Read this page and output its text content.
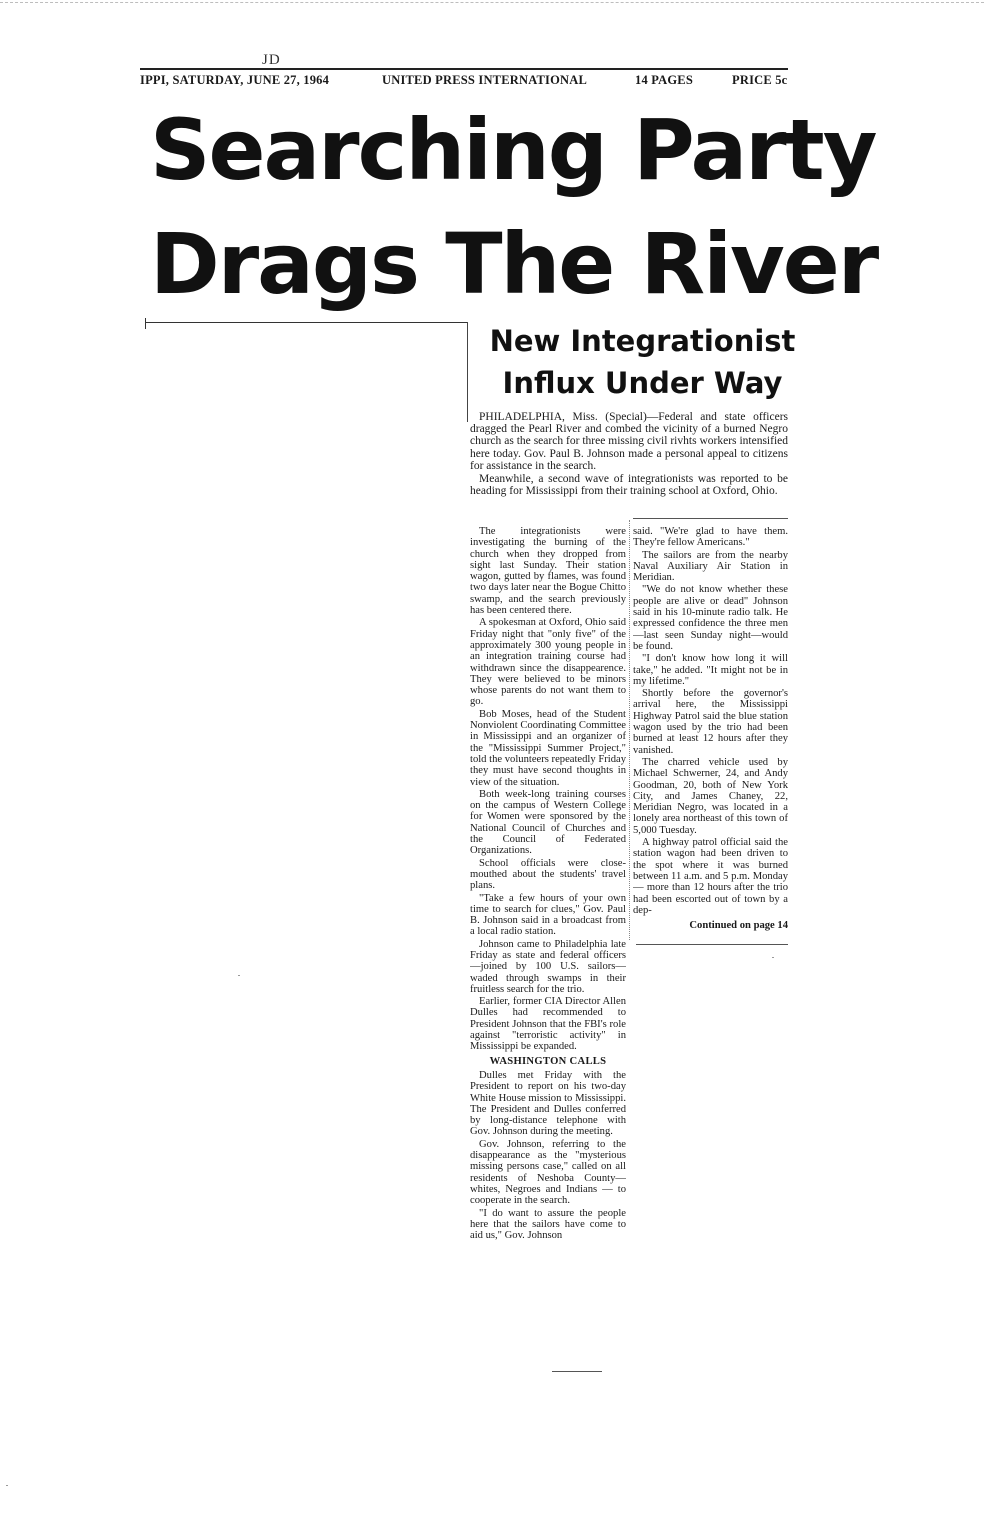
JD
IPPI, SATURDAY, JUNE 27, 1964	UNITED PRESS INTERNATIONAL	14 PAGES	PRICE 5c
Searching Party
Drags The River
New Integrationist
Influx Under Way

PHILADELPHIA, Miss. (Special)—Federal and state officers dragged the Pearl River and combed the vicinity of a burned Negro church as the search for three missing civil rivhts workers intensified here today. Gov. Paul B. Johnson made a personal appeal to citizens for assistance in the search.

Meanwhile, a second wave of integrationists was reported to be heading for Mississippi from their training school at Oxford, Ohio.

The integrationists were investigating the burning of the church when they dropped from sight last Sunday. Their station wagon, gutted by flames, was found two days later near the Bogue Chitto swamp, and the search previously has been centered there.

A spokesman at Oxford, Ohio said Friday night that "only five" of the approximately 300 young people in an integration training course had withdrawn since the disappearence. They were believed to be minors whose parents do not want them to go.

Bob Moses, head of the Student Nonviolent Coordinating Committee in Mississippi and an organizer of the "Mississippi Summer Project," told the volunteers repeatedly Friday they must have second thoughts in view of the situation.

Both week-long training courses on the campus of Western College for Women were sponsored by the National Council of Churches and the Council of Federated Organizations.

School officials were close-mouthed about the students' travel plans.

"Take a few hours of your own time to search for clues," Gov. Paul B. Johnson said in a broadcast from a local radio station.

Johnson came to Philadelphia late Friday as state and federal officers—joined by 100 U.S. sailors—waded through swamps in their fruitless search for the trio.

Earlier, former CIA Director Allen Dulles had recommended to President Johnson that the FBI's role against "terroristic activity" in Mississippi be expanded.

WASHINGTON CALLS

Dulles met Friday with the President to report on his two-day White House mission to Mississippi. The President and Dulles conferred by long-distance telephone with Gov. Johnson during the meeting.

Gov. Johnson, referring to the disappearance as the "mysterious missing persons case," called on all residents of Neshoba County—whites, Negroes and Indians — to cooperate in the search.

"I do want to assure the people here that the sailors have come to aid us," Gov. Johnson

said. "We're glad to have them. They're fellow Americans."

The sailors are from the nearby Naval Auxiliary Air Station in Meridian.

"We do not know whether these people are alive or dead" Johnson said in his 10-minute radio talk. He expressed confidence the three men—last seen Sunday night—would be found.

"I don't know how long it will take," he added. "It might not be in my lifetime."

Shortly before the governor's arrival here, the Mississippi Highway Patrol said the blue station wagon used by the trio had been burned at least 12 hours after they vanished.

The charred vehicle used by Michael Schwerner, 24, and Andy Goodman, 20, both of New York City, and James Chaney, 22, Meridian Negro, was located in a lonely area northeast of this town of 5,000 Tuesday.

A highway patrol official said the station wagon had been driven to the spot where it was burned between 11 a.m. and 5 p.m. Monday — more than 12 hours after the trio had been escorted out of town by a dep-

Continued on page 14
